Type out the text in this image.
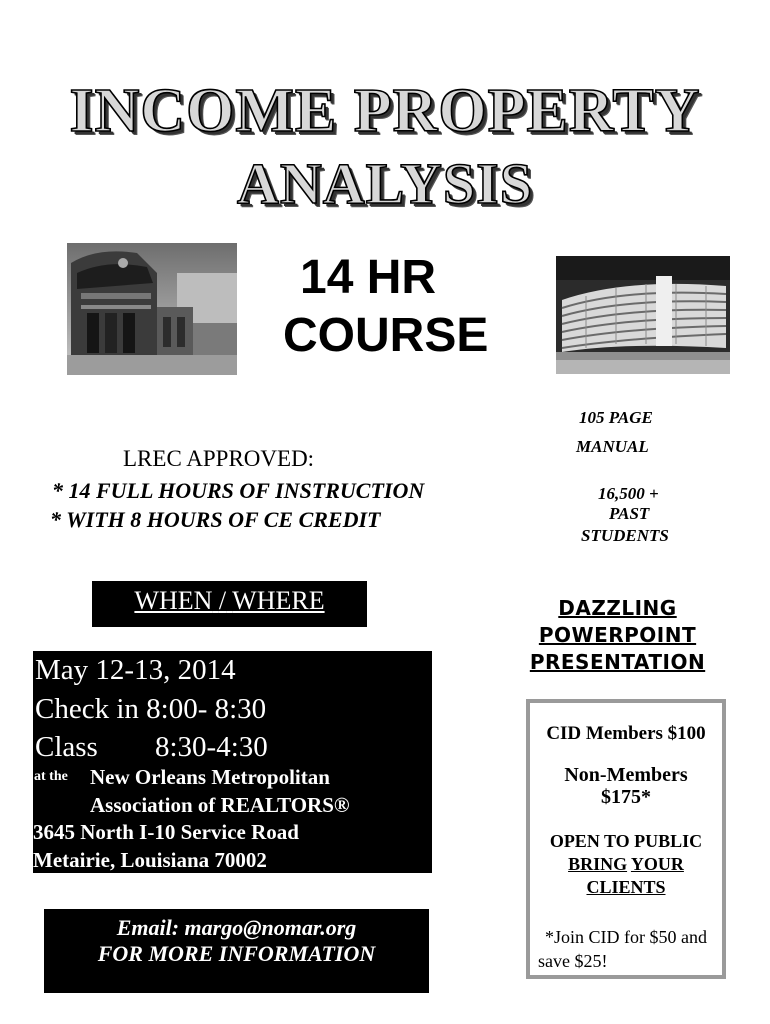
INCOME PROPERTY
ANALYSIS
14 HR
COURSE
105 PAGE
MANUAL
16,500 +
PAST
STUDENTS
LREC APPROVED:
* 14 FULL HOURS OF INSTRUCTION
* WITH 8 HOURS OF CE CREDIT
WHEN / WHERE
May 12-13, 2014
Check in 8:00- 8:30
Class 8:30-4:30
at the New Orleans Metropolitan
Association of REALTORS®
3645 North I-10 Service Road
Metairie, Louisiana 70002
Email: margo@nomar.org
FOR MORE INFORMATION
DAZZLING
POWERPOINT
PRESENTATION
CID Members $100
Non-Members
$175*
OPEN TO PUBLIC
BRING YOUR
CLIENTS
*Join CID for $50 and
save $25!
